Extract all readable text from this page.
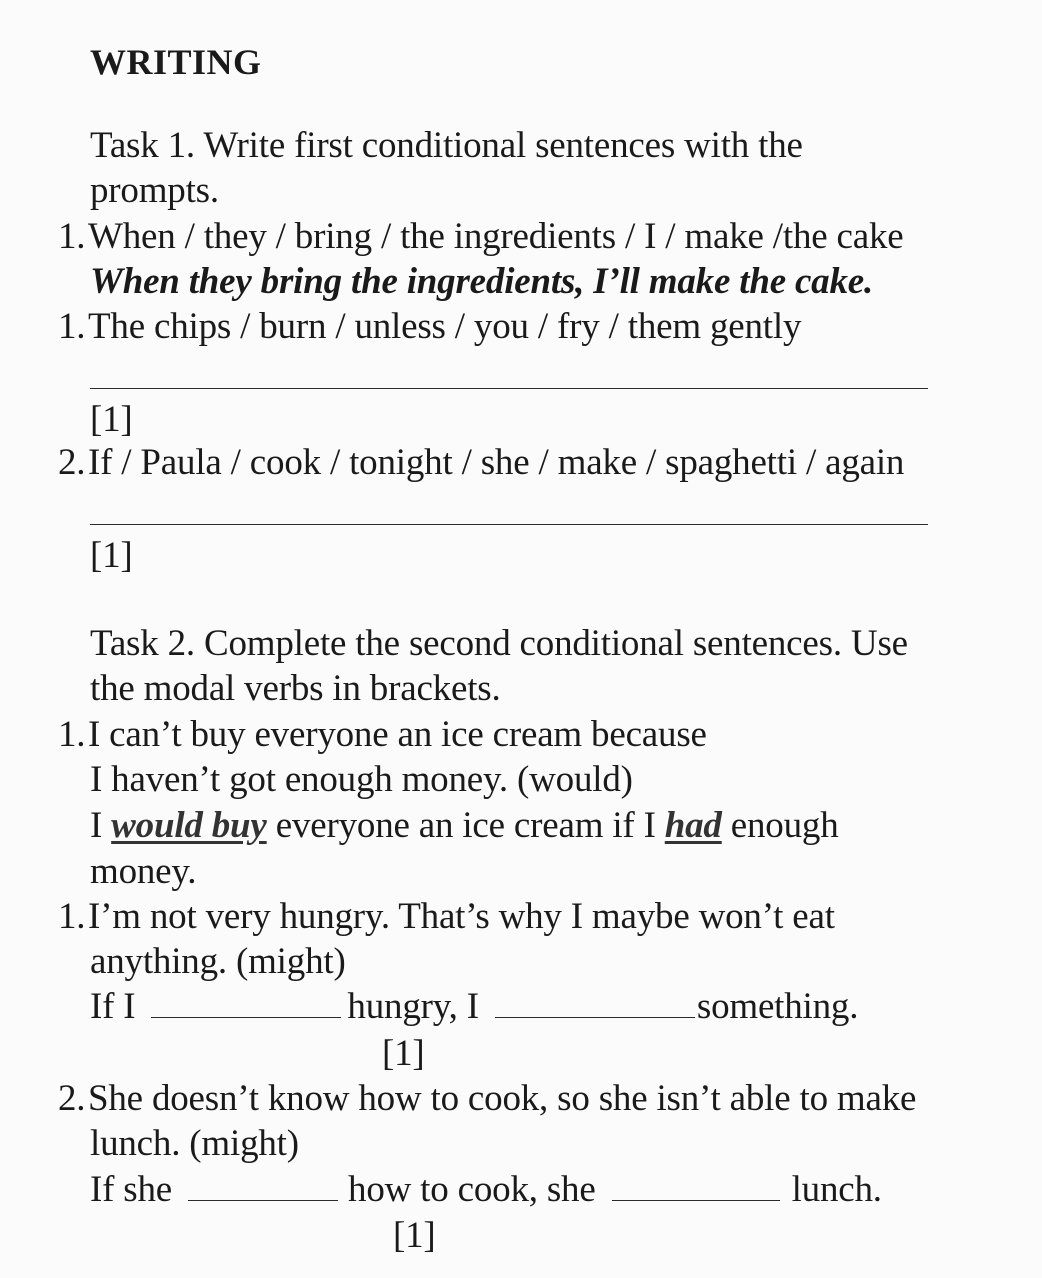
WRITING
Task 1. Write first conditional sentences with the
prompts.
1.When / they / bring / the ingredients / I / make /the cake
When they bring the ingredients, I’ll make the cake.
1.The chips / burn / unless / you / fry / them gently
[1]
2.If / Paula / cook / tonight / she / make / spaghetti / again
[1]
Task 2. Complete the second conditional sentences. Use
the modal verbs in brackets.
1.I can’t buy everyone an ice cream because
I haven’t got enough money. (would)
I would buy everyone an ice cream if I had enough
money.
1.I’m not very hungry. That’s why I maybe won’t eat
anything. (might)
If I	hungry, I	something.
[1]
2.She doesn’t know how to cook, so she isn’t able to make
lunch. (might)
If she	how to cook, she	lunch.
[1]
